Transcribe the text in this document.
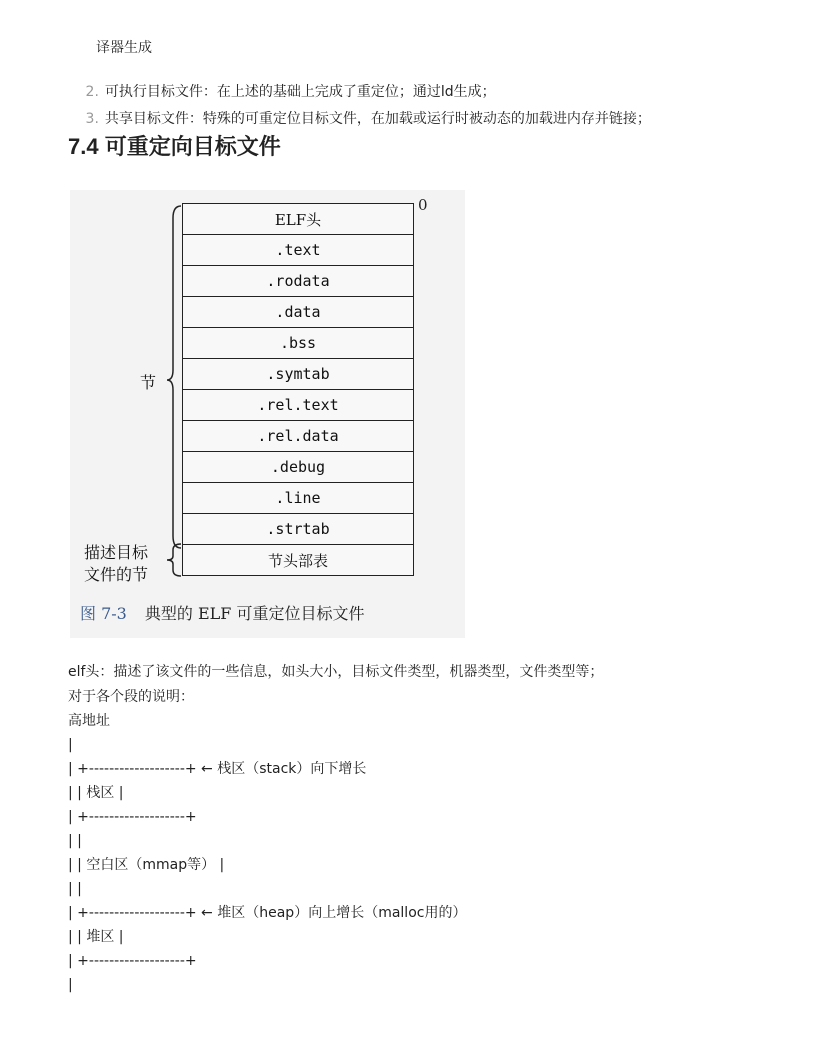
译器生成

2. 可执行目标文件：在上述的基础上完成了重定位；通过ld生成；

3. 共享目标文件：特殊的可重定位目标文件，在加载或运行时被动态的加载进内存并链接；

7.4 可重定向目标文件
0
ELF头
.text
.rodata
.data
.bss
.symtab
.rel.text
.rel.data
.debug
.line
.strtab
节头部表
节
描述目标
文件的节
图 7-3 典型的 ELF 可重定位目标文件
elf头：描述了该文件的一些信息，如头大小，目标文件类型，机器类型，文件类型等；
对于各个段的说明：
高地址
|
| +-------------------+ ← 栈区（stack）向下增长
| | 栈区 |
| +-------------------+
| |
| | 空白区（mmap等） |
| |
| +-------------------+ ← 堆区（heap）向上增长（malloc用的）
| | 堆区 |
| +-------------------+
|
